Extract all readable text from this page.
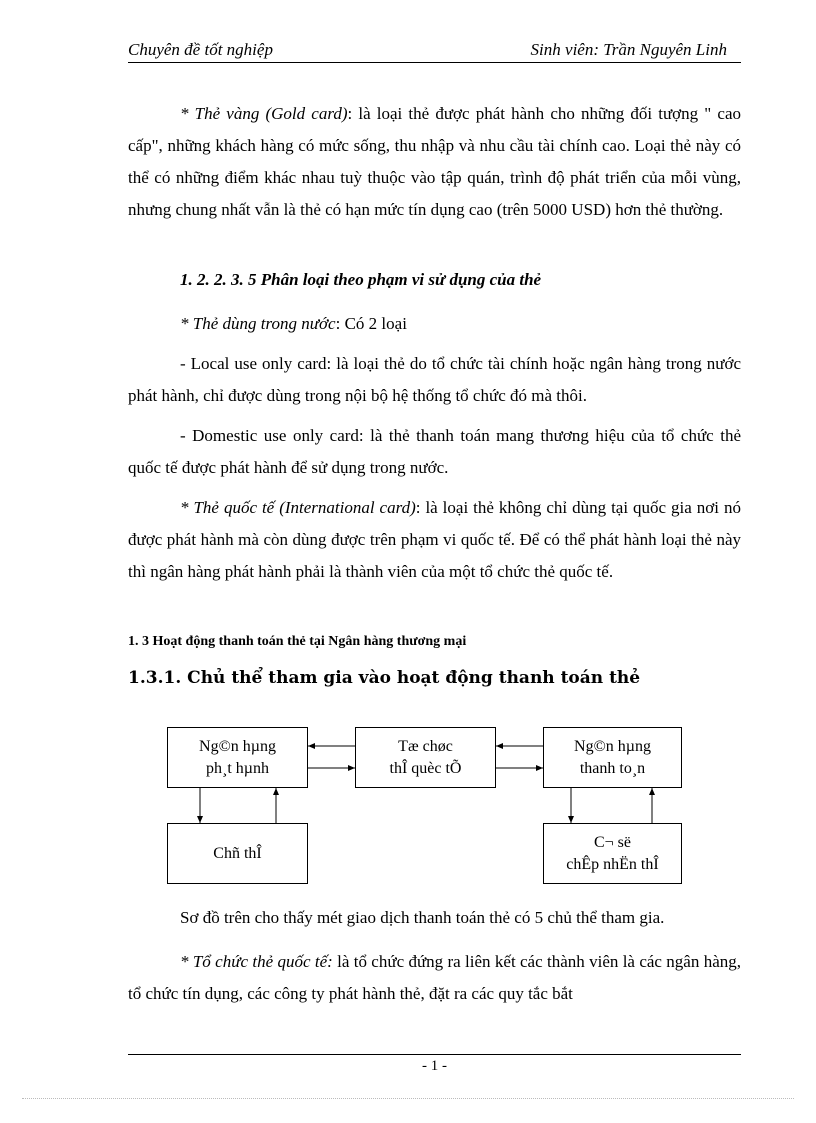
Chuyên đề tốt nghiệp	Sinh viên: Trần Nguyên Linh

* Thẻ vàng (Gold card): là loại thẻ được phát hành cho những đối tượng " cao cấp", những khách hàng có mức sống, thu nhập và nhu cầu tài chính cao. Loại thẻ này có thể có những điểm khác nhau tuỳ thuộc vào tập quán, trình độ phát triển của mỗi vùng, nhưng chung nhất vẫn là thẻ có hạn mức tín dụng cao (trên 5000 USD) hơn thẻ thường.

1. 2. 2. 3. 5 Phân loại theo phạm vi sử dụng của thẻ

* Thẻ dùng trong nước: Có 2 loại

- Local use only card: là loại thẻ do tổ chức tài chính hoặc ngân hàng trong nước phát hành, chỉ được dùng trong nội bộ hệ thống tổ chức đó mà thôi.

- Domestic use only card: là thẻ thanh toán mang thương hiệu của tổ chức thẻ quốc tế được phát hành để sử dụng trong nước.

* Thẻ quốc tế (International card): là loại thẻ không chỉ dùng tại quốc gia nơi nó được phát hành mà còn dùng được trên phạm vi quốc tế. Để có thể phát hành loại thẻ này thì ngân hàng phát hành phải là thành viên của một tổ chức thẻ quốc tế.

1. 3 Hoạt động thanh toán thẻ tại Ngân hàng thương mại
1.3.1. Chủ thể tham gia vào hoạt động thanh toán thẻ
Ng©n hµng
ph¸t hµnh
Tæ chøc
thÎ quèc tÕ
Ng©n hµng
thanh to¸n
Chñ thÎ
C¬ së
chÊp nhËn thÎ

Sơ đồ trên cho thấy mét giao dịch thanh toán thẻ có 5 chủ thể tham gia.

* Tổ chức thẻ quốc tế: là tổ chức đứng ra liên kết các thành viên là các ngân hàng, tổ chức tín dụng, các công ty phát hành thẻ, đặt ra các quy tắc bắt

- 1 -
